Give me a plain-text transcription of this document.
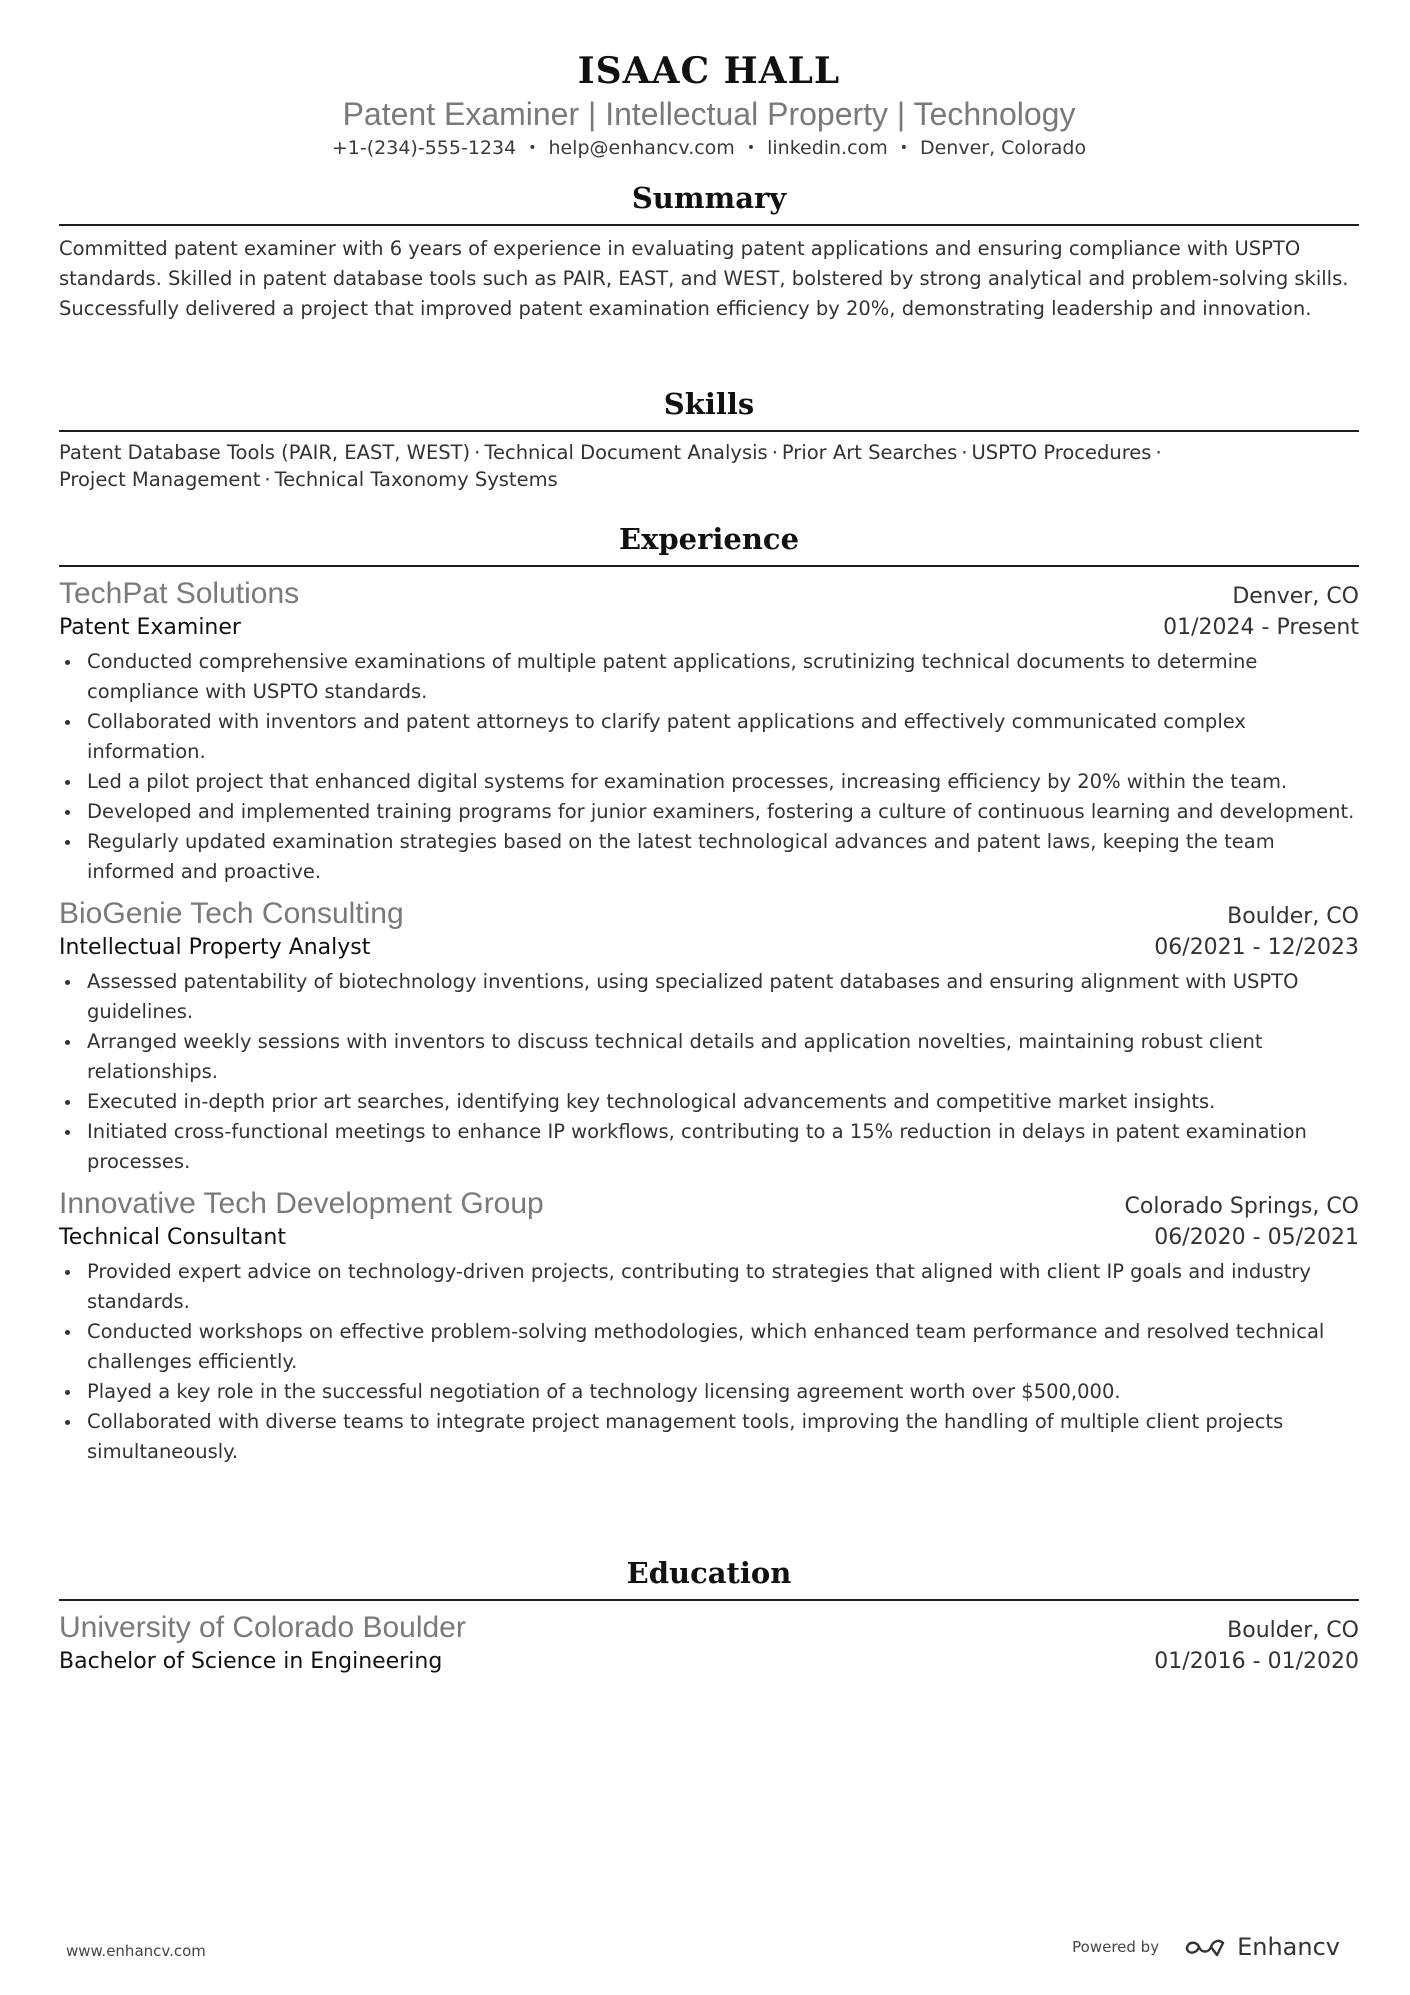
ISAAC HALL
Patent Examiner | Intellectual Property | Technology
+1-(234)-555-1234 • help@enhancv.com • linkedin.com • Denver, Colorado
Summary
Committed patent examiner with 6 years of experience in evaluating patent applications and ensuring compliance with USPTO standards. Skilled in patent database tools such as PAIR, EAST, and WEST, bolstered by strong analytical and problem-solving skills. Successfully delivered a project that improved patent examination efficiency by 20%, demonstrating leadership and innovation.
Skills
Patent Database Tools (PAIR, EAST, WEST) · Technical Document Analysis · Prior Art Searches · USPTO Procedures ·
Project Management · Technical Taxonomy Systems
Experience
TechPat Solutions	Denver, CO
Patent Examiner	01/2024 - Present
Conducted comprehensive examinations of multiple patent applications, scrutinizing technical documents to determine compliance with USPTO standards.
Collaborated with inventors and patent attorneys to clarify patent applications and effectively communicated complex information.
Led a pilot project that enhanced digital systems for examination processes, increasing efficiency by 20% within the team.
Developed and implemented training programs for junior examiners, fostering a culture of continuous learning and development.
Regularly updated examination strategies based on the latest technological advances and patent laws, keeping the team informed and proactive.
BioGenie Tech Consulting	Boulder, CO
Intellectual Property Analyst	06/2021 - 12/2023
Assessed patentability of biotechnology inventions, using specialized patent databases and ensuring alignment with USPTO guidelines.
Arranged weekly sessions with inventors to discuss technical details and application novelties, maintaining robust client relationships.
Executed in-depth prior art searches, identifying key technological advancements and competitive market insights.
Initiated cross-functional meetings to enhance IP workflows, contributing to a 15% reduction in delays in patent examination processes.
Innovative Tech Development Group	Colorado Springs, CO
Technical Consultant	06/2020 - 05/2021
Provided expert advice on technology-driven projects, contributing to strategies that aligned with client IP goals and industry standards.
Conducted workshops on effective problem-solving methodologies, which enhanced team performance and resolved technical challenges efficiently.
Played a key role in the successful negotiation of a technology licensing agreement worth over $500,000.
Collaborated with diverse teams to integrate project management tools, improving the handling of multiple client projects simultaneously.
Education
University of Colorado Boulder	Boulder, CO
Bachelor of Science in Engineering	01/2016 - 01/2020
www.enhancv.com	Powered by	Enhancv
